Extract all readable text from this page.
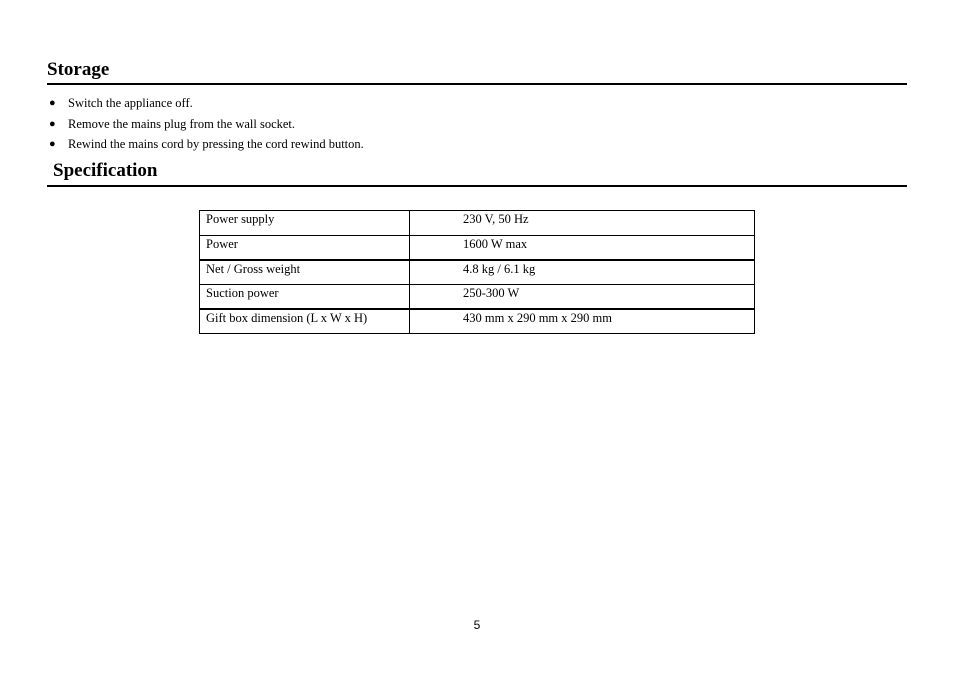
Storage
● Switch the appliance off.
● Remove the mains plug from the wall socket.
● Rewind the mains cord by pressing the cord rewind button.
Specification
Power supply	230 V, 50 Hz
Power	1600 W max
Net / Gross weight	4.8 kg / 6.1 kg
Suction power	250-300 W
Gift box dimension (L x W x H)	430 mm x 290 mm x 290 mm
5
